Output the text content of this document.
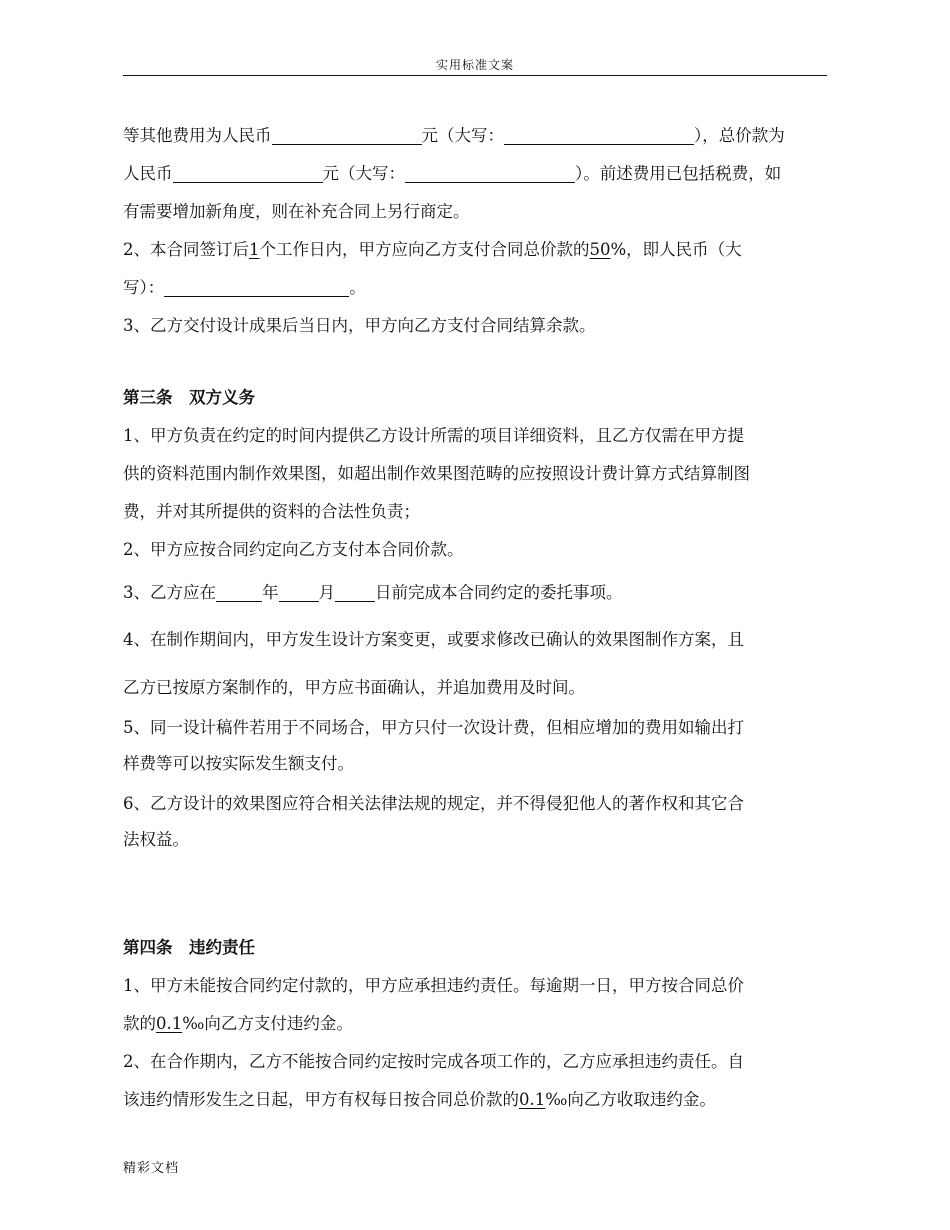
实用标准文案
等其他费用为人民币	元（大写：	），总价款为
人民币	元（大写：	）。前述费用已包括税费，如
有需要增加新角度，则在补充合同上另行商定。
2、本合同签订后1个工作日内，甲方应向乙方支付合同总价款的50%，即人民币（大
写）：	。
3、乙方交付设计成果后当日内，甲方向乙方支付合同结算余款。
第三条　双方义务
1、甲方负责在约定的时间内提供乙方设计所需的项目详细资料，且乙方仅需在甲方提
供的资料范围内制作效果图，如超出制作效果图范畴的应按照设计费计算方式结算制图
费，并对其所提供的资料的合法性负责；
2、甲方应按合同约定向乙方支付本合同价款。
3、乙方应在	年 月 日前完成本合同约定的委托事项。
4、在制作期间内，甲方发生设计方案变更，或要求修改已确认的效果图制作方案，且
乙方已按原方案制作的，甲方应书面确认，并追加费用及时间。
5、同一设计稿件若用于不同场合，甲方只付一次设计费，但相应增加的费用如输出打
样费等可以按实际发生额支付。
6、乙方设计的效果图应符合相关法律法规的规定，并不得侵犯他人的著作权和其它合
法权益。
第四条　违约责任
1、甲方未能按合同约定付款的，甲方应承担违约责任。每逾期一日，甲方按合同总价
款的0.1‰向乙方支付违约金。
2、在合作期内，乙方不能按合同约定按时完成各项工作的，乙方应承担违约责任。自
该违约情形发生之日起，甲方有权每日按合同总价款的0.1‰向乙方收取违约金。
精彩文档
